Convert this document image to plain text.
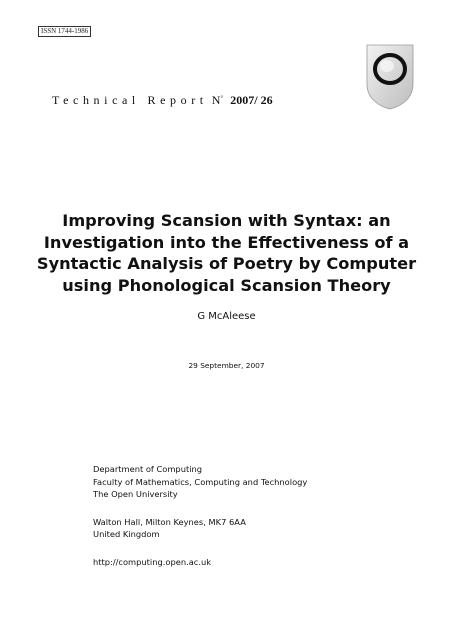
ISSN 1744-1986
Technical Report N◦ 2007/ 26
Improving Scansion with Syntax: an
Investigation into the Effectiveness of a
Syntactic Analysis of Poetry by Computer
using Phonological Scansion Theory
G McAleese
29 September, 2007
Department of Computing
Faculty of Mathematics, Computing and Technology
The Open University
Walton Hall, Milton Keynes, MK7 6AA
United Kingdom
http://computing.open.ac.uk
